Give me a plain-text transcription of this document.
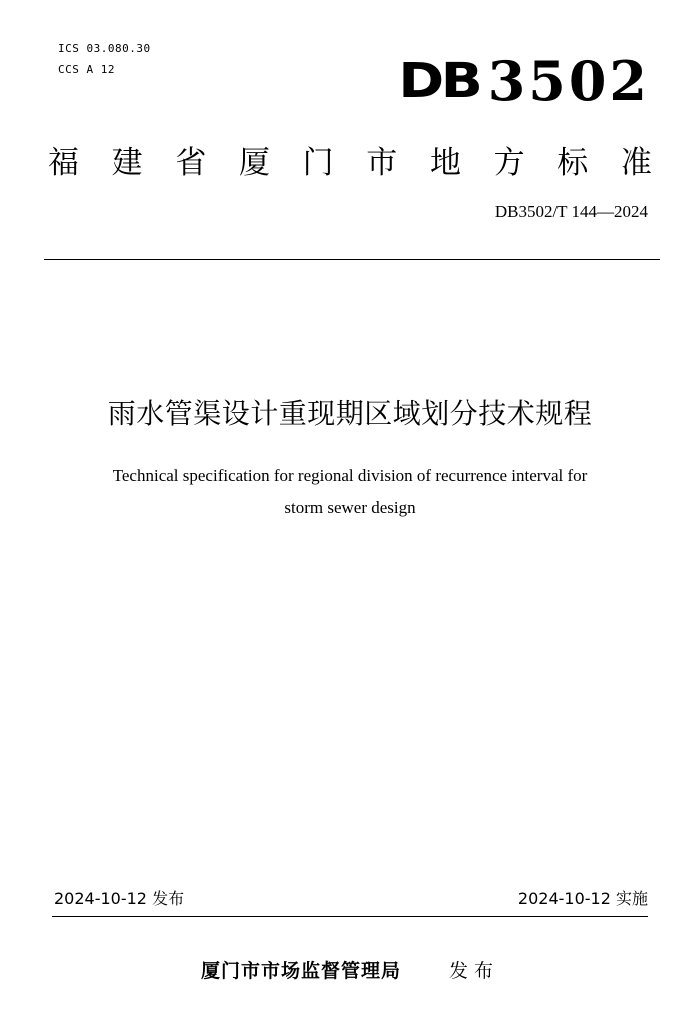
ICS 03.080.30
CCS A 12	DB 3502
福 建 省 厦 门 市 地 方 标 准
DB3502/T 144—2024
雨水管渠设计重现期区域划分技术规程
Technical specification for regional division of recurrence interval for
storm sewer design
2024-10-12 发布	2024-10-12 实施
厦门市市场监督管理局	发布
